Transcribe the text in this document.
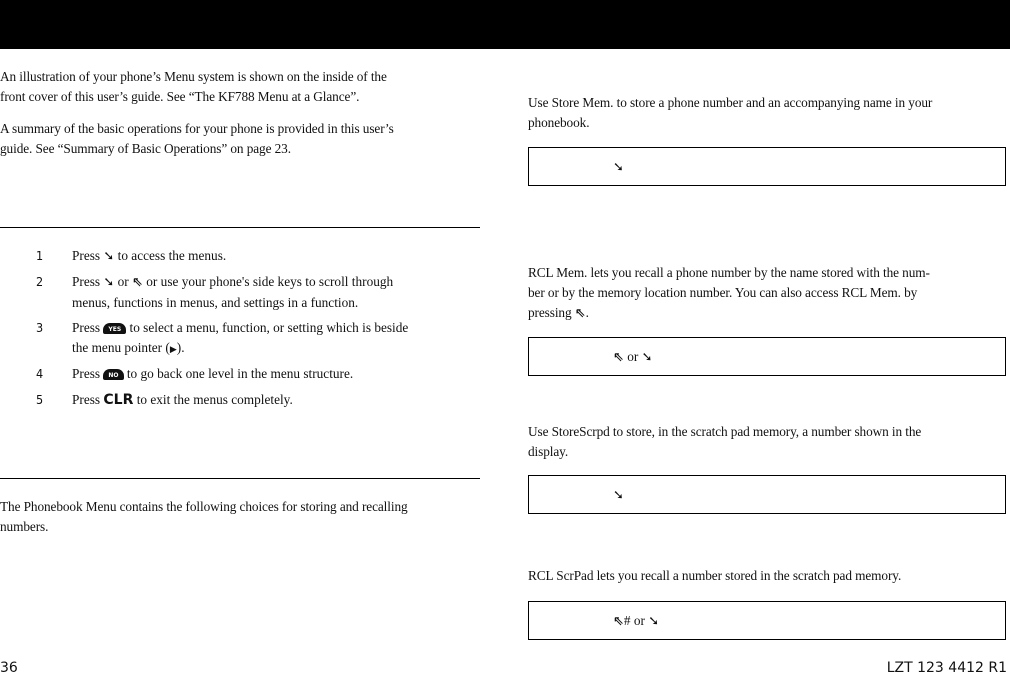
An illustration of your phone’s Menu system is shown on the inside of the
front cover of this user’s guide. See “The KF788 Menu at a Glance”.
A summary of the basic operations for your phone is provided in this user’s
guide. See “Summary of Basic Operations” on page 23.
1 Press ➘ to access the menus.
2 Press ➘ or ⇖ or use your phone's side keys to scroll through
menus, functions in menus, and settings in a function.
3 Press YES to select a menu, function, or setting which is beside
the menu pointer (▶).
4 Press NO to go back one level in the menu structure.
5 Press CLR to exit the menus completely.
The Phonebook Menu contains the following choices for storing and recalling
numbers.
Use Store Mem. to store a phone number and an accompanying name in your
phonebook.
➘
RCL Mem. lets you recall a phone number by the name stored with the num-
ber or by the memory location number. You can also access RCL Mem. by
pressing ⇖.
⇖ or ➘
Use StoreScrpd to store, in the scratch pad memory, a number shown in the
display.
➘
RCL ScrPad lets you recall a number stored in the scratch pad memory.
⇖# or ➘
36	LZT 123 4412 R1
